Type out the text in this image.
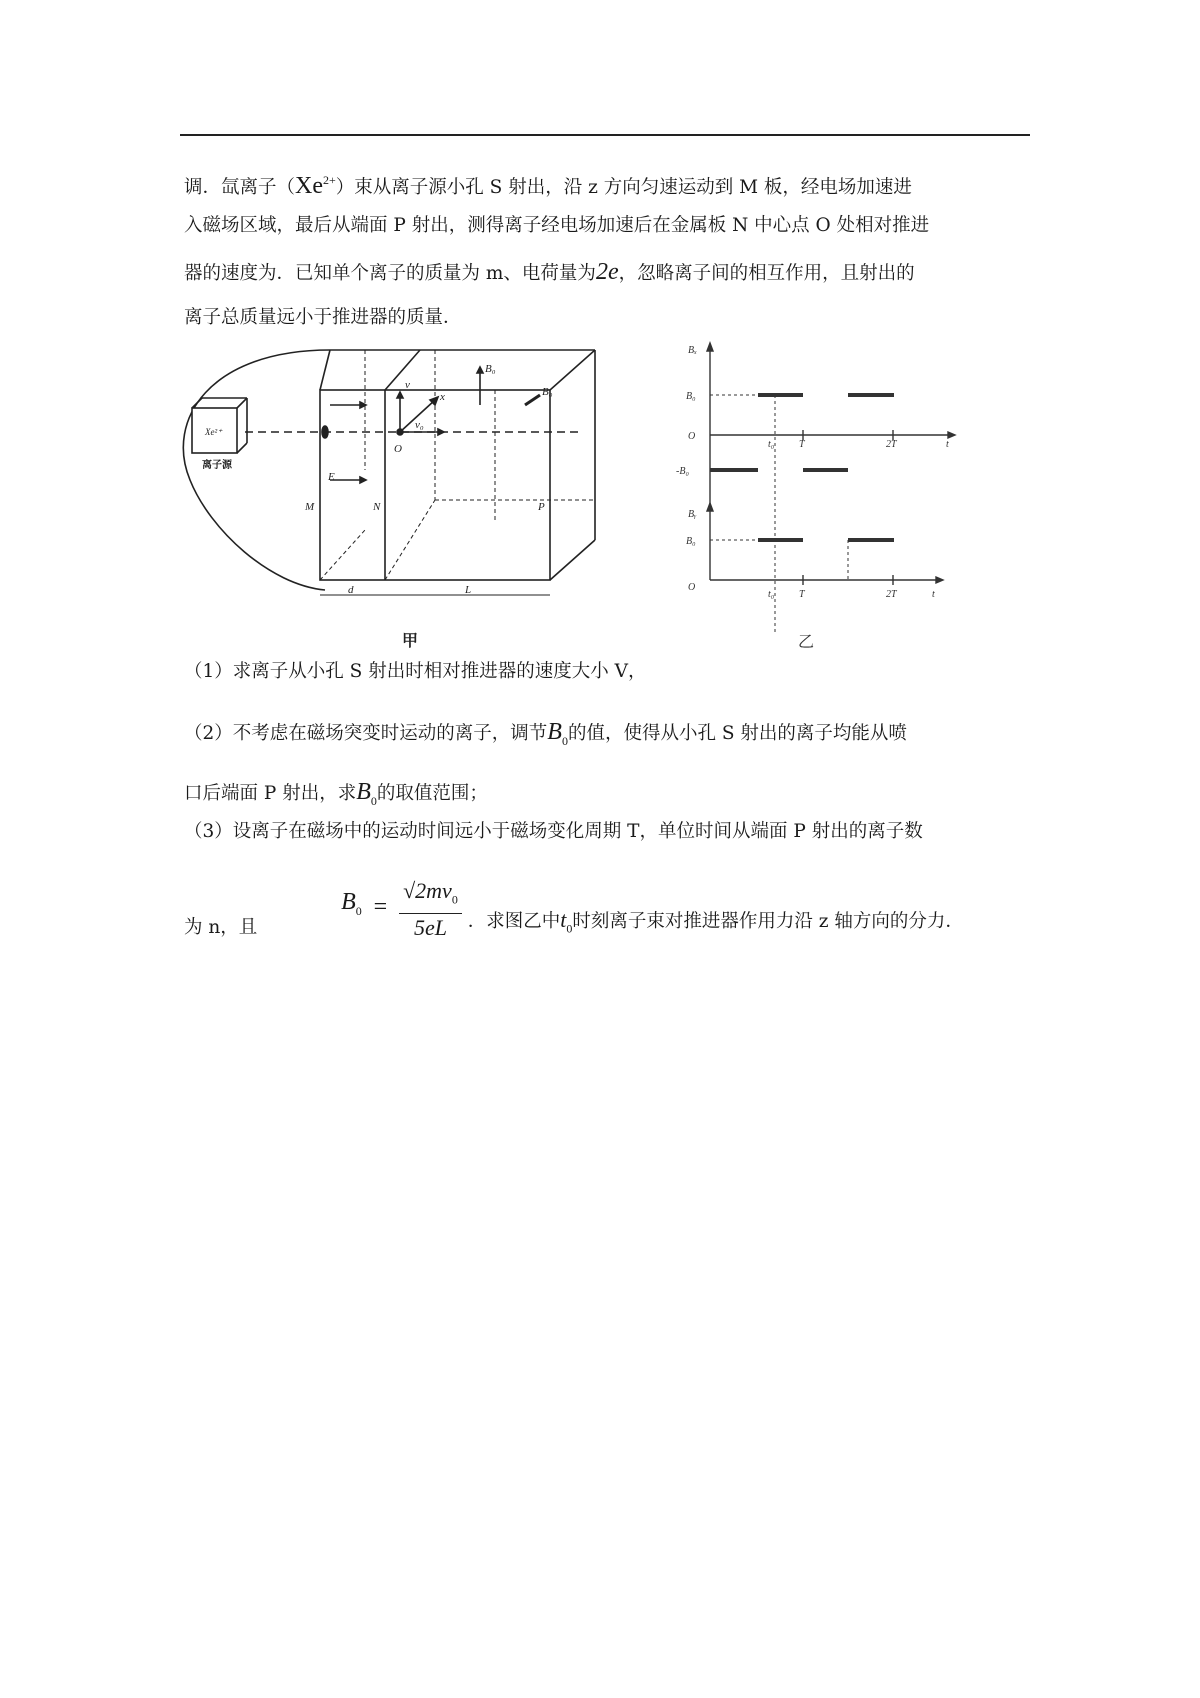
调．氙离子$(Xe^{2+})$束从离子源小孔 S 射出，沿 z 方向匀速运动到 M 板，经电场加速进
入磁场区域，最后从端面 P 射出，测得离子经电场加速后在金属板 N 中心点 O 处相对推进
器的速度为．已知单个离子的质量为 m、电荷量为2e，忽略离子间的相互作用，且射出的
离子总质量远小于推进器的质量．
Xe²⁺
E
M	N	P
O
d	L
v
x
B₀
B₀
v₀
离子源
甲
Bₓ
B₀
O
-B₀
t₀ T	2T	t
Bᵧ
B₀
O
t₀ T	2T	t
乙
（1）求离子从小孔 S 射出时相对推进器的速度大小 V，
（2）不考虑在磁场突变时运动的离子，调节$B_0$的值，使得从小孔 S 射出的离子均能从喷
口后端面 P 射出，求$B_0$的取值范围；
（3）设离子在磁场中的运动时间远小于磁场变化周期 T，单位时间从端面 P 射出的离子数
为 n，且  $B_0 = \frac{√2mv_0}{5eL}$ ．求图乙中$t_0$时刻离子束对推进器作用力沿 z 轴方向的分力．
